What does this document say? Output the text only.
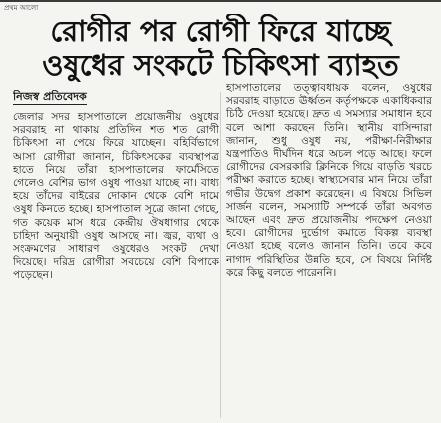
প্রথম আলো
রোগীর পর রোগী ফিরে যাচ্ছে
ওষুধের সংকটে চিকিৎসা ব্যাহত
নিজস্ব প্রতিবেদক

জেলার সদর হাসপাতালে প্রয়োজনীয় ওষুধের সরবরাহ না থাকায় প্রতিদিন শত শত রোগী চিকিৎসা না পেয়ে ফিরে যাচ্ছেন। বহির্বিভাগে আসা রোগীরা জানান, চিকিৎসকের ব্যবস্থাপত্র হাতে নিয়ে তাঁরা হাসপাতালের ফার্মেসিতে গেলেও বেশির ভাগ ওষুধ পাওয়া যাচ্ছে না। বাধ্য হয়ে তাঁদের বাইরের দোকান থেকে বেশি দামে ওষুধ কিনতে হচ্ছে। হাসপাতাল সূত্রে জানা গেছে, গত কয়েক মাস ধরে কেন্দ্রীয় ঔষধাগার থেকে চাহিদা অনুযায়ী ওষুধ আসছে না। জ্বর, ব্যথা ও সংক্রমণের সাধারণ ওষুধেরও সংকট দেখা দিয়েছে। দরিদ্র রোগীরা সবচেয়ে বেশি বিপাকে পড়েছেন।

হাসপাতালের তত্ত্বাবধায়ক বলেন, ওষুধের সরবরাহ বাড়াতে ঊর্ধ্বতন কর্তৃপক্ষকে একাধিকবার চিঠি দেওয়া হয়েছে। দ্রুত এ সমস্যার সমাধান হবে বলে আশা করছেন তিনি। স্থানীয় বাসিন্দারা জানান, শুধু ওষুধ নয়, পরীক্ষা-নিরীক্ষার যন্ত্রপাতিও দীর্ঘদিন ধরে অচল পড়ে আছে। ফলে রোগীদের বেসরকারি ক্লিনিকে গিয়ে বাড়তি খরচে পরীক্ষা করাতে হচ্ছে। স্বাস্থ্যসেবার মান নিয়ে তাঁরা গভীর উদ্বেগ প্রকাশ করেছেন। এ বিষয়ে সিভিল সার্জন বলেন, সমস্যাটি সম্পর্কে তাঁরা অবগত আছেন এবং দ্রুত প্রয়োজনীয় পদক্ষেপ নেওয়া হবে। রোগীদের দুর্ভোগ কমাতে বিকল্প ব্যবস্থা নেওয়া হচ্ছে বলেও জানান তিনি। তবে কবে নাগাদ পরিস্থিতির উন্নতি হবে, সে বিষয়ে নির্দিষ্ট করে কিছু বলতে পারেননি।
